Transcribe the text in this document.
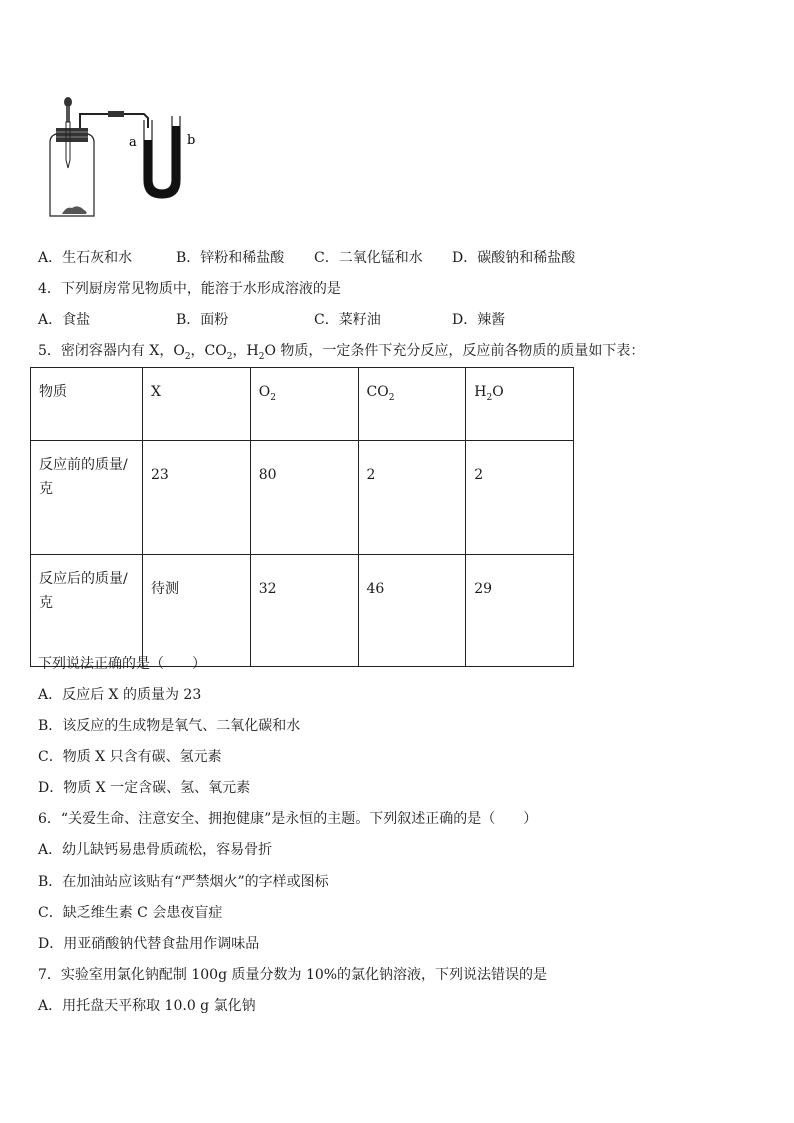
a	b
A．生石灰和水	B．锌粉和稀盐酸	C．二氧化锰和水	D．碳酸钠和稀盐酸
4．下列厨房常见物质中，能溶于水形成溶液的是
A．食盐	B．面粉	C．菜籽油	D．辣酱
5．密闭容器内有 X，$O_2$，$CO_2$，$H_2O$ 物质，一定条件下充分反应，反应前各物质的质量如下表：
物质	X	$O_2$	$CO_2$	$H_2O$
反应前的质量/克	23	80	2	2
反应后的质量/克	待测	32	46	29
下列说法正确的是（　　）
A．反应后 X 的质量为 23
B．该反应的生成物是氧气、二氧化碳和水
C．物质 X 只含有碳、氢元素
D．物质 X 一定含碳、氢、氧元素
6．“关爱生命、注意安全、拥抱健康”是永恒的主题。下列叙述正确的是（　　）
A．幼儿缺钙易患骨质疏松，容易骨折
B．在加油站应该贴有“严禁烟火”的字样或图标
C．缺乏维生素 C 会患夜盲症
D．用亚硝酸钠代替食盐用作调味品
7．实验室用氯化钠配制 100g 质量分数为 10%的氯化钠溶液，下列说法错误的是
A．用托盘天平称取 10.0 g 氯化钠
